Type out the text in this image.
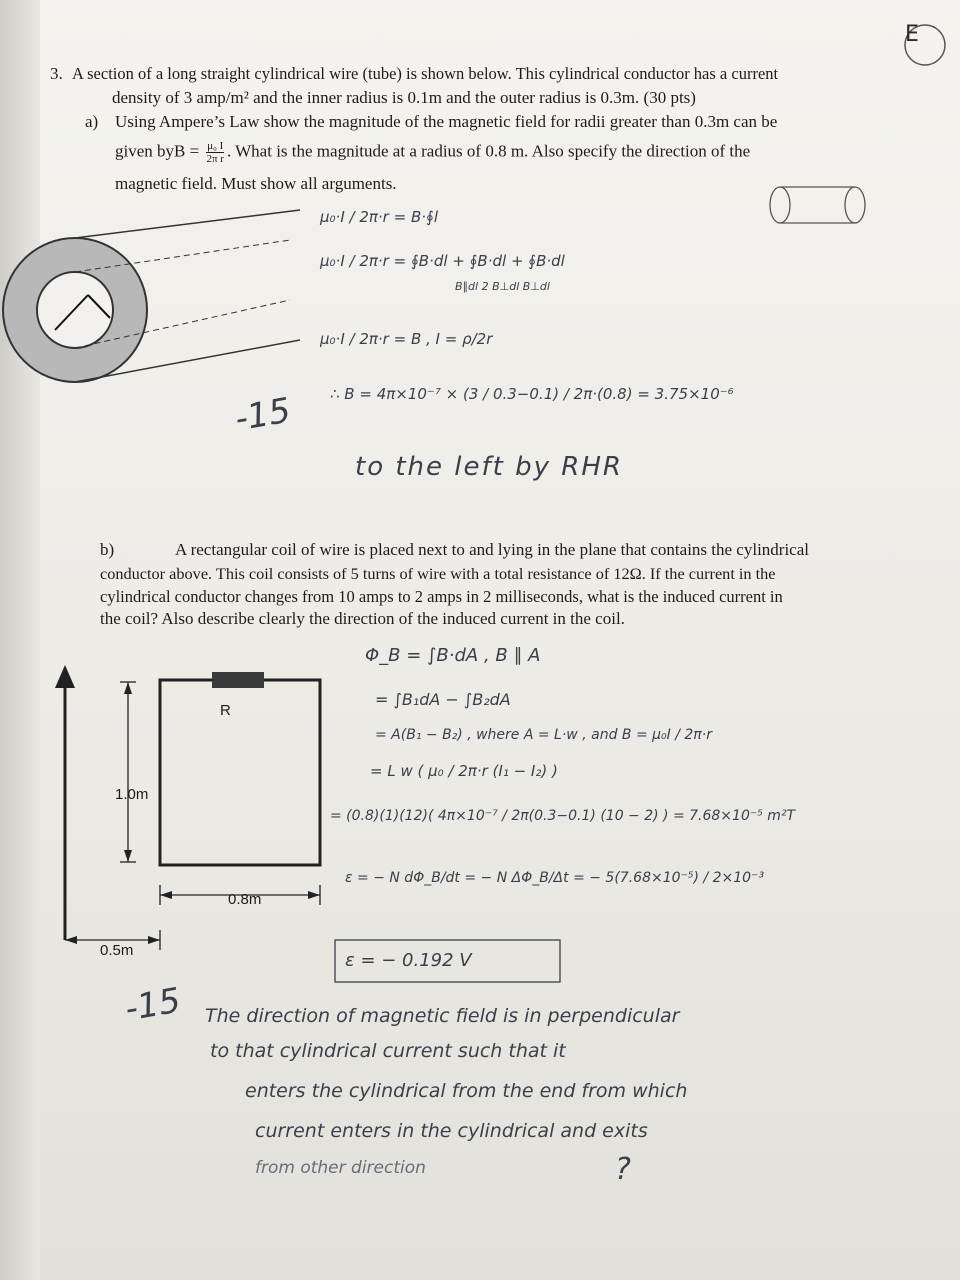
E
3. A section of a long straight cylindrical wire (tube) is shown below. This cylindrical conductor has a current
density of 3 amp/m² and the inner radius is 0.1m and the outer radius is 0.3m. (30 pts)
a) Using Ampere’s Law show the magnitude of the magnetic field for radii greater than 0.3m can be
given byB = $\frac{\text{μ₀ I}}{\text{2π r}}$ . What is the magnitude at a radius of 0.8 m. Also specify the direction of the
magnetic field. Must show all arguments.
μ₀·I / 2π·r = B·∮l
μ₀·I / 2π·r = ∮B·dl + ∮B·dl + ∮B·dl
B∥dl 2 B⊥dl B⊥dl
μ₀·I / 2π·r = B , I = ρ/2r
∴ B = 4π×10⁻⁷ × (3 / 0.3−0.1) / 2π·(0.8) = 3.75×10⁻⁶
to the left by RHR
-15
b)	A rectangular coil of wire is placed next to and lying in the plane that contains the cylindrical
conductor above. This coil consists of 5 turns of wire with a total resistance of 12Ω. If the current in the
cylindrical conductor changes from 10 amps to 2 amps in 2 milliseconds, what is the induced current in
the coil? Also describe clearly the direction of the induced current in the coil.
R
1.0m
0.8m
0.5m
Φ_B = ∫B·dA , B ∥ A
= ∫B₁dA − ∫B₂dA
= A(B₁ − B₂) , where A = L·w , and B = μ₀I / 2π·r
= L w ( μ₀ / 2π·r (I₁ − I₂) )
= (0.8)(1)(12)( 4π×10⁻⁷ / 2π(0.3−0.1) (10 − 2) ) = 7.68×10⁻⁵ m²T
ε = − N dΦ_B/dt = − N ΔΦ_B/Δt = − 5(7.68×10⁻⁵) / 2×10⁻³
ε = − 0.192 V
-15 The direction of magnetic field is in perpendicular
to that cylindrical current such that it
enters the cylindrical from the end from which
current enters in the cylindrical and exits
from other direction	?
